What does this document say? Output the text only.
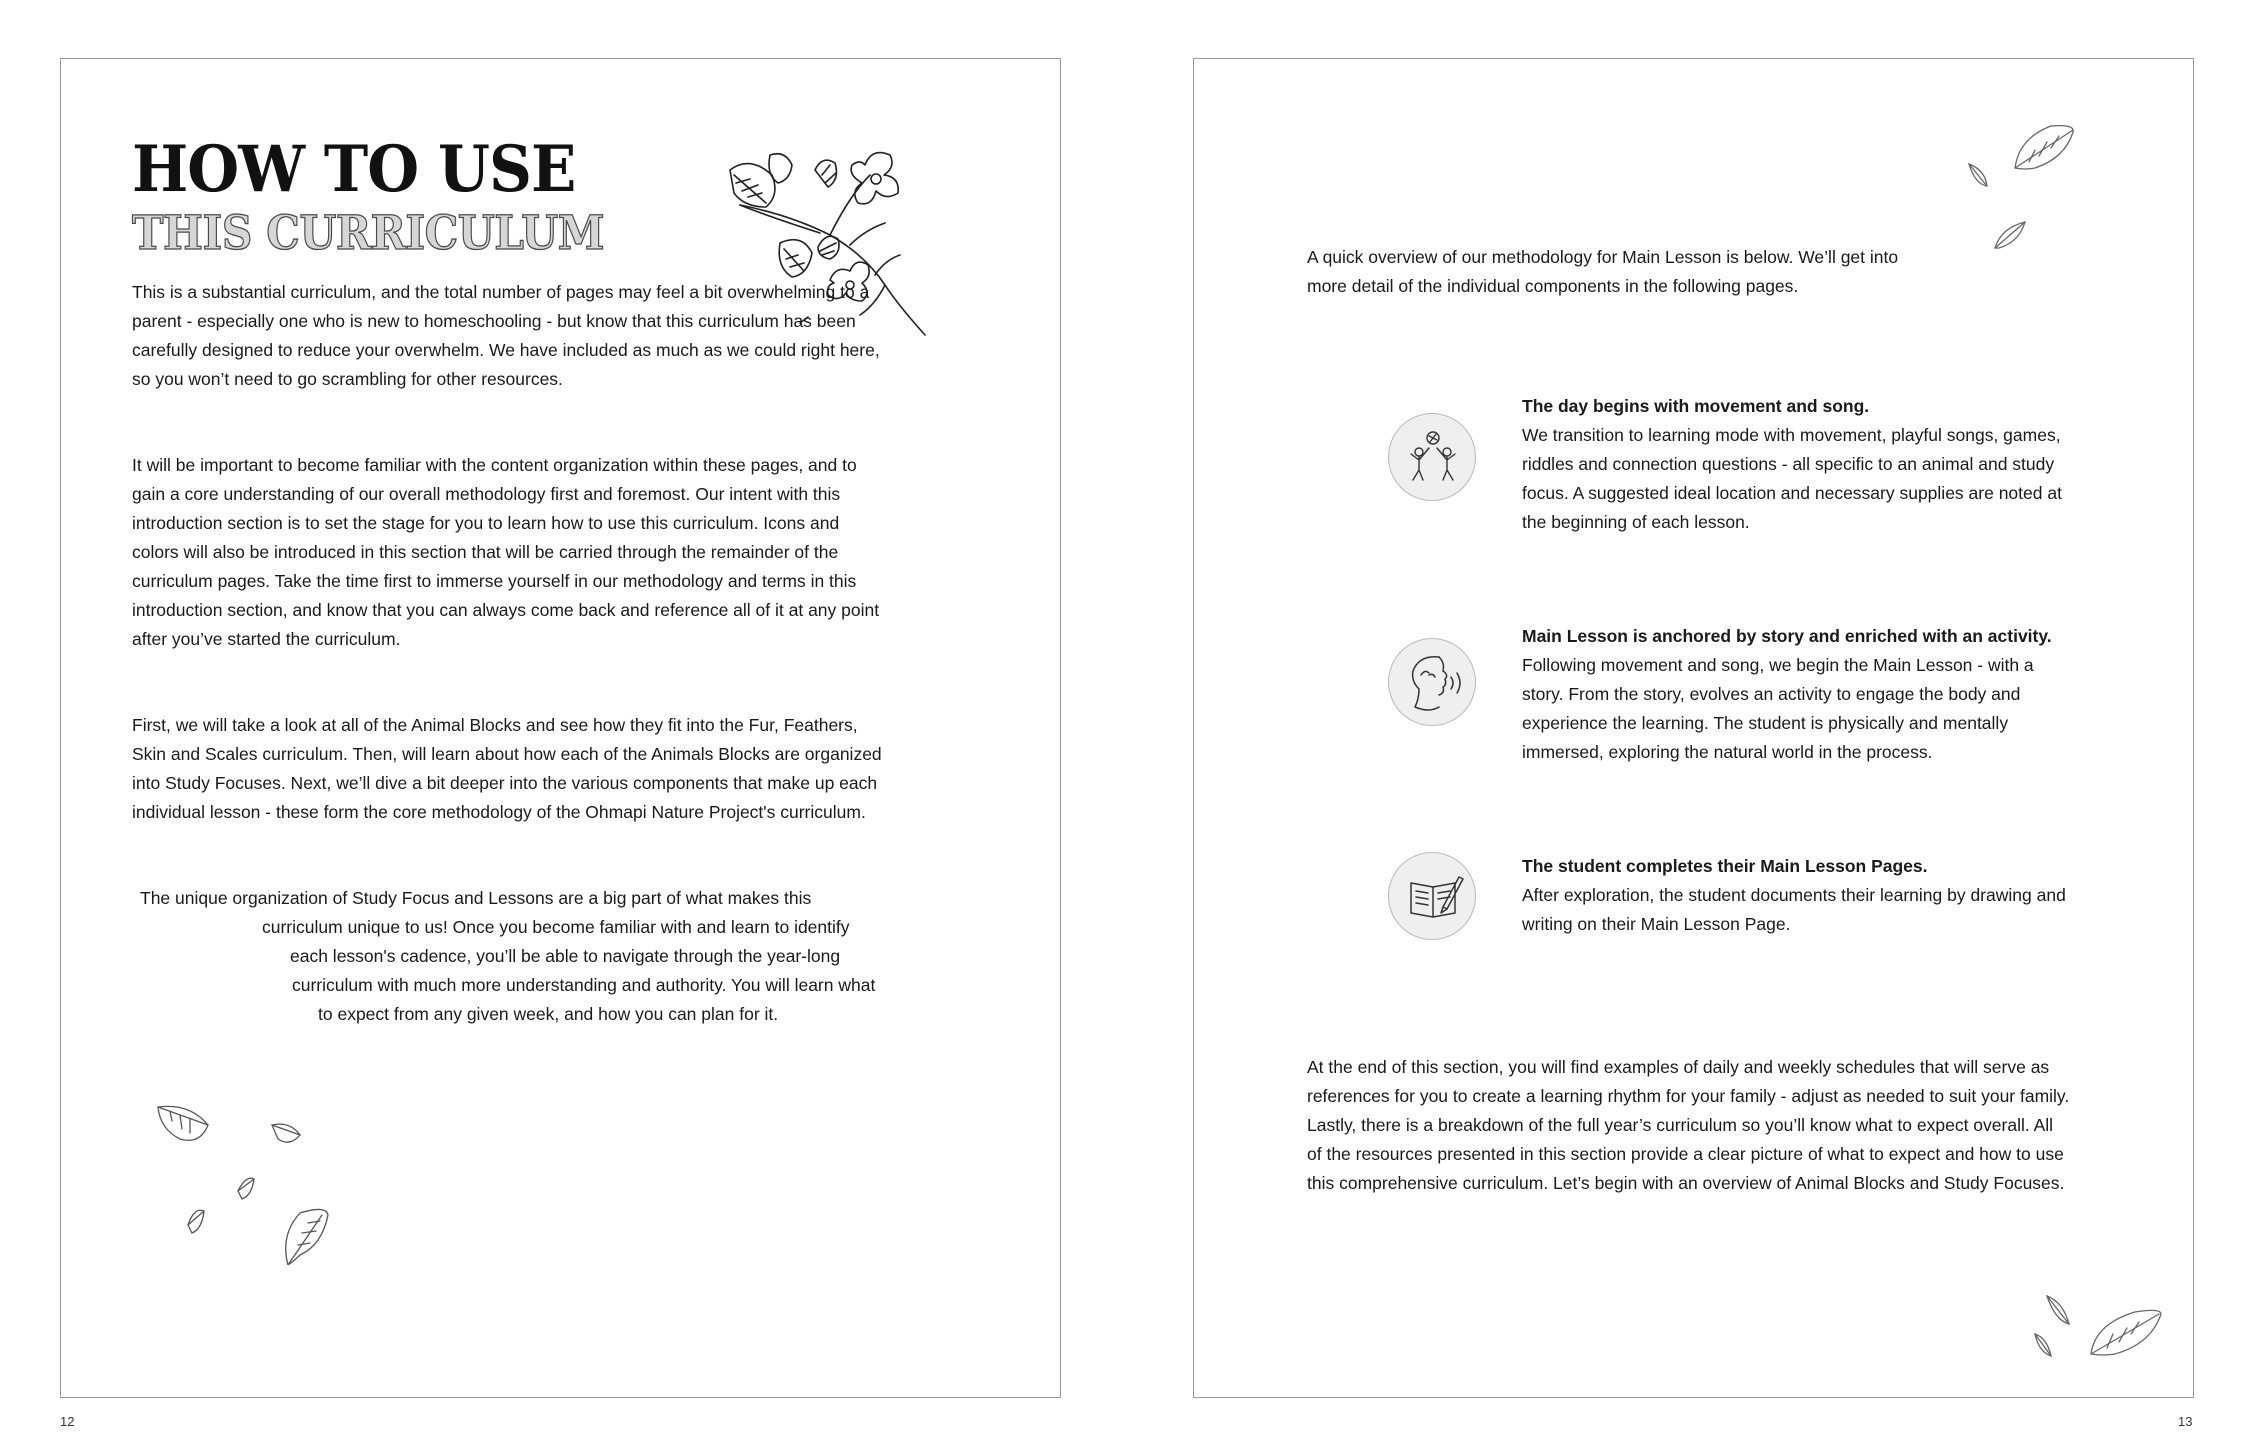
HOW TO USE
THIS CURRICULUM

This is a substantial curriculum, and the total number of pages may feel a bit overwhelming to a
parent - especially one who is new to homeschooling - but know that this curriculum has been
carefully designed to reduce your overwhelm. We have included as much as we could right here,
so you won’t need to go scrambling for other resources.

It will be important to become familiar with the content organization within these pages, and to
gain a core understanding of our overall methodology first and foremost. Our intent with this
introduction section is to set the stage for you to learn how to use this curriculum. Icons and
colors will also be introduced in this section that will be carried through the remainder of the
curriculum pages. Take the time first to immerse yourself in our methodology and terms in this
introduction section, and know that you can always come back and reference all of it at any point
after you’ve started the curriculum.

First, we will take a look at all of the Animal Blocks and see how they fit into the Fur, Feathers,
Skin and Scales curriculum. Then, will learn about how each of the Animals Blocks are organized
into Study Focuses. Next, we’ll dive a bit deeper into the various components that make up each
individual lesson - these form the core methodology of the Ohmapi Nature Project's curriculum.

The unique organization of Study Focus and Lessons are a big part of what makes this
curriculum unique to us! Once you become familiar with and learn to identify
each lesson's cadence, you’ll be able to navigate through the year-long
curriculum with much more understanding and authority. You will learn what
to expect from any given week, and how you can plan for it.

12

A quick overview of our methodology for Main Lesson is below. We’ll get into
more detail of the individual components in the following pages.

The day begins with movement and song.
We transition to learning mode with movement, playful songs, games,
riddles and connection questions - all specific to an animal and study
focus. A suggested ideal location and necessary supplies are noted at
the beginning of each lesson.
Main Lesson is anchored by story and enriched with an activity.
Following movement and song, we begin the Main Lesson - with a
story. From the story, evolves an activity to engage the body and
experience the learning. The student is physically and mentally
immersed, exploring the natural world in the process.
The student completes their Main Lesson Pages.
After exploration, the student documents their learning by drawing and
writing on their Main Lesson Page.

At the end of this section, you will find examples of daily and weekly schedules that will serve as
references for you to create a learning rhythm for your family - adjust as needed to suit your family.
Lastly, there is a breakdown of the full year’s curriculum so you’ll know what to expect overall. All
of the resources presented in this section provide a clear picture of what to expect and how to use
this comprehensive curriculum. Let’s begin with an overview of Animal Blocks and Study Focuses.

13
